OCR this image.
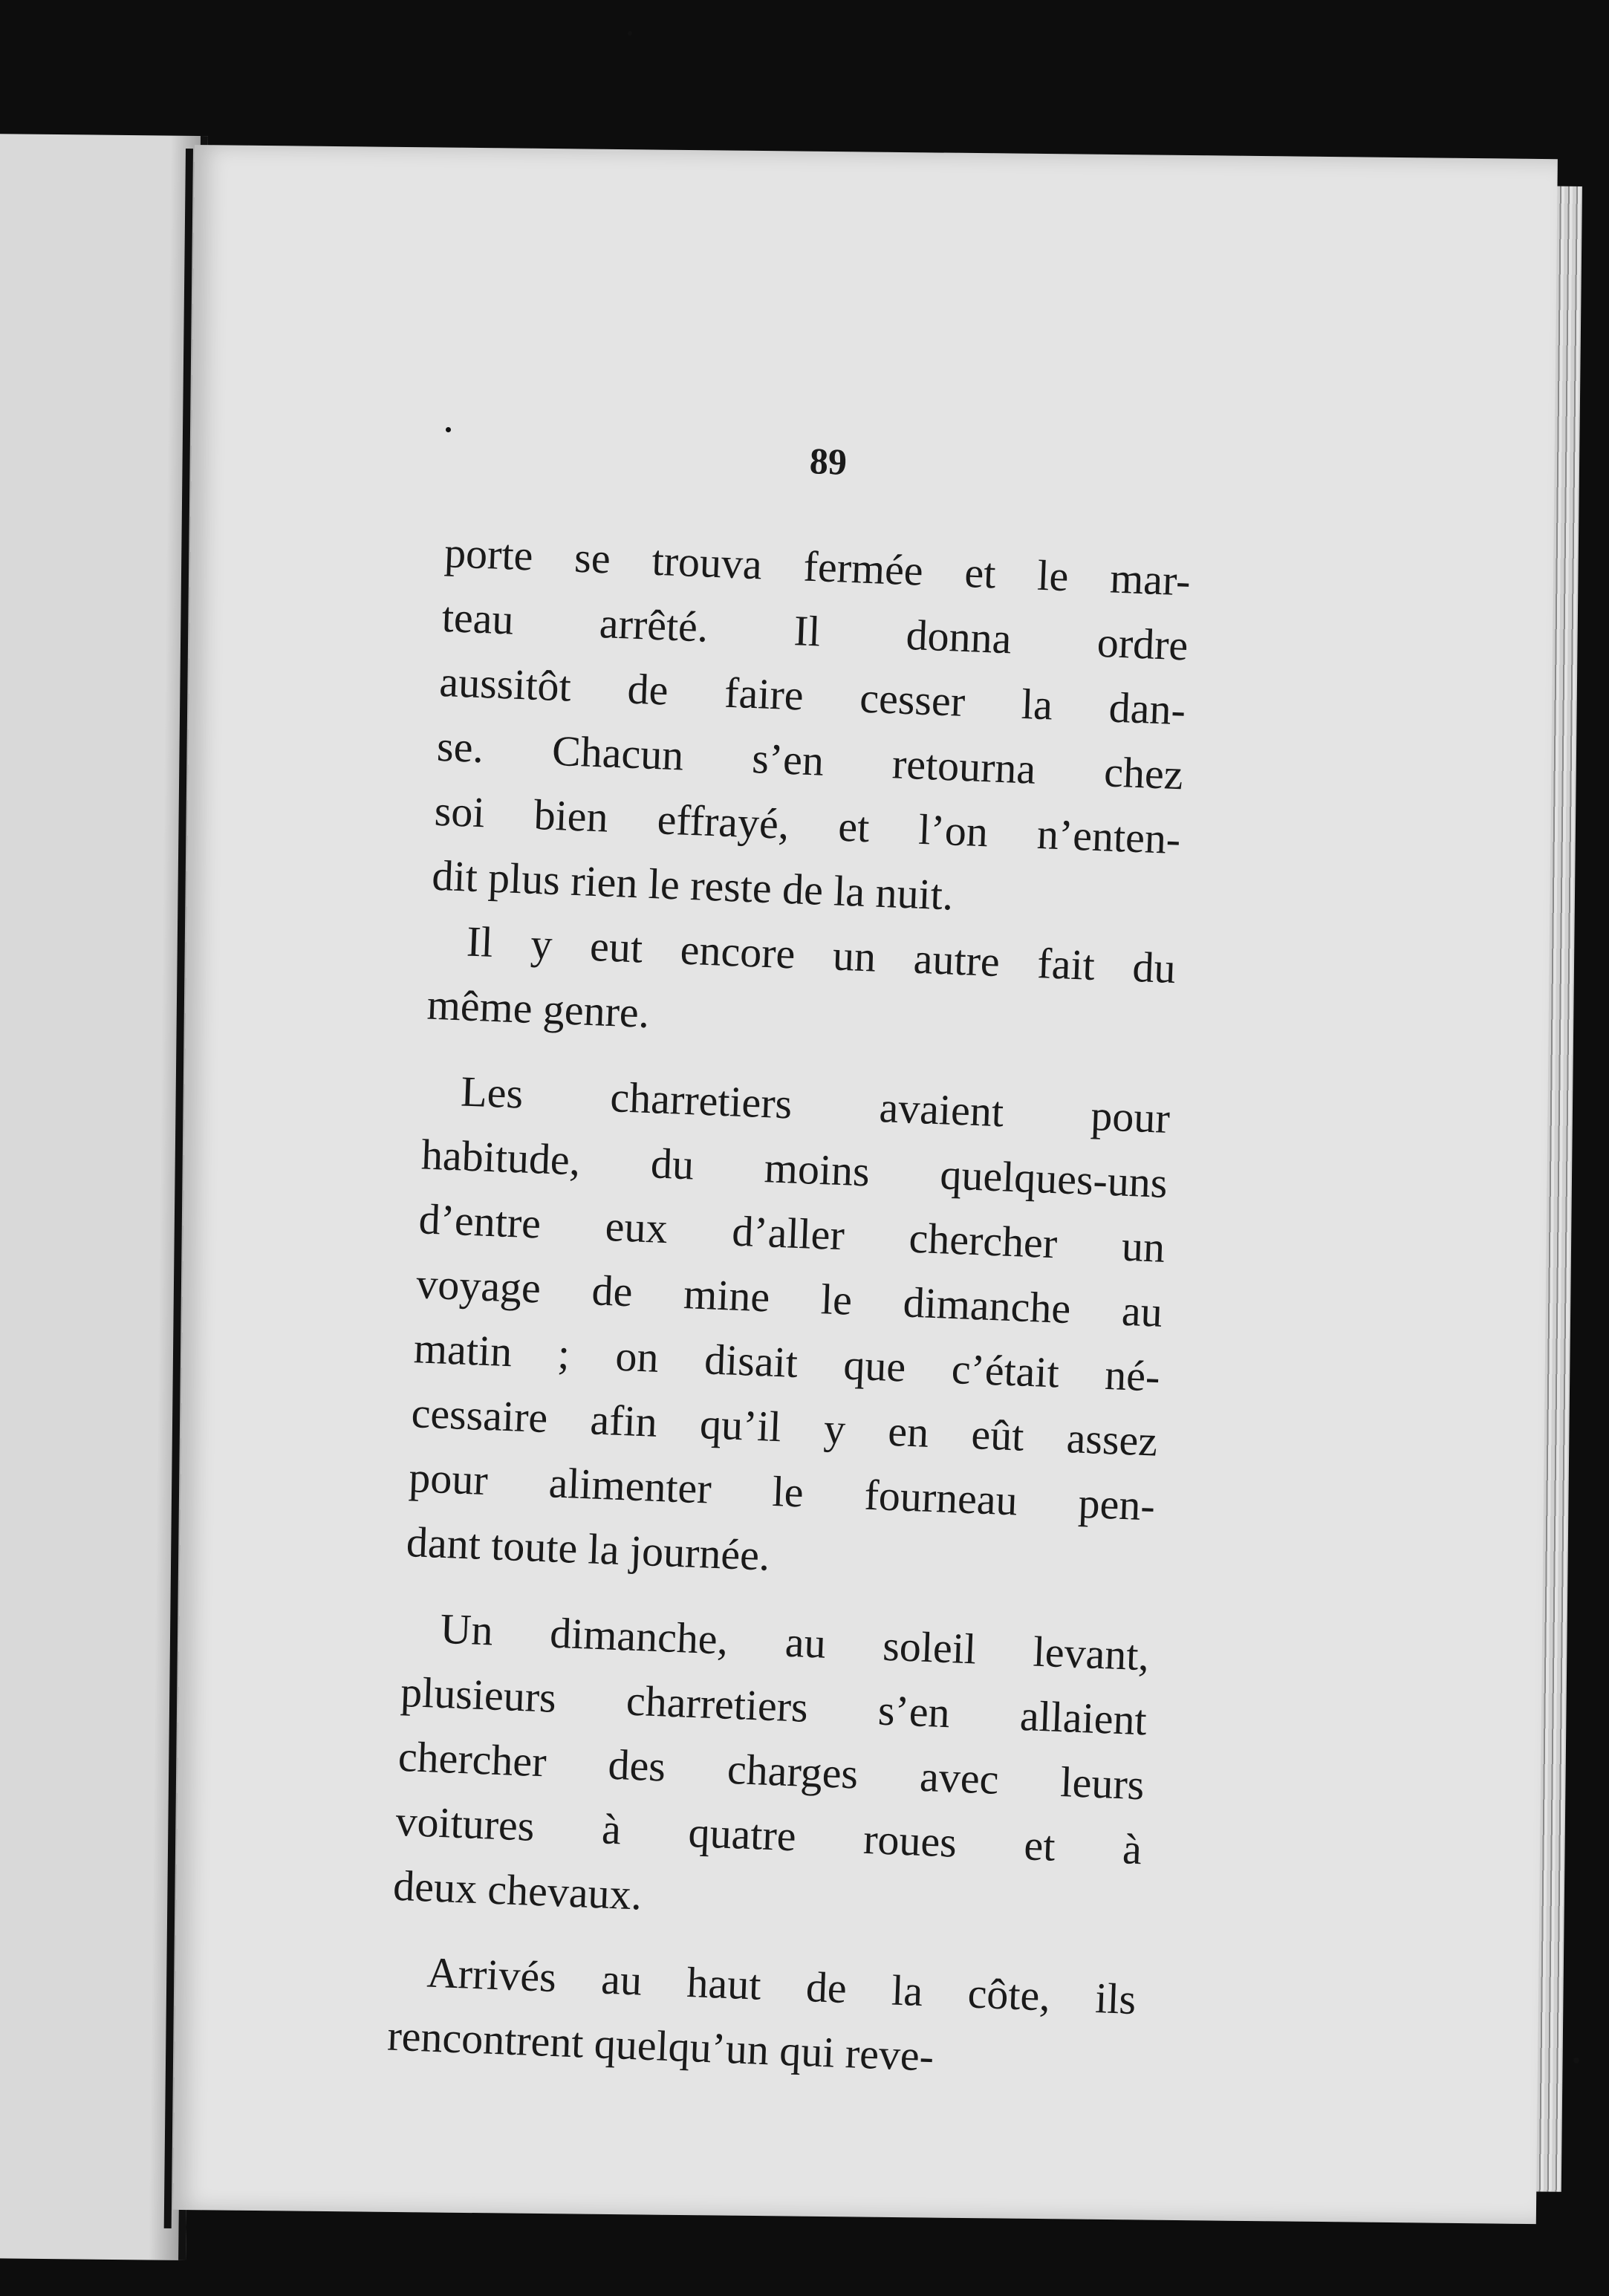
89
porte se trouva fermée et le mar-
teau arrêté. Il donna ordre
aussitôt de faire cesser la dan-
se. Chacun s’en retourna chez
soi bien effrayé, et l’on n’enten-
dit plus rien le reste de la nuit.
Il y eut encore un autre fait du
même genre.
Les charretiers avaient pour
habitude, du moins quelques-uns
d’entre eux d’aller chercher un
voyage de mine le dimanche au
matin ; on disait que c’était né-
cessaire afin qu’il y en eût assez
pour alimenter le fourneau pen-
dant toute la journée.
Un dimanche, au soleil levant,
plusieurs charretiers s’en allaient
chercher des charges avec leurs
voitures à quatre roues et à
deux chevaux.
Arrivés au haut de la côte, ils
rencontrent quelqu’un qui reve-
